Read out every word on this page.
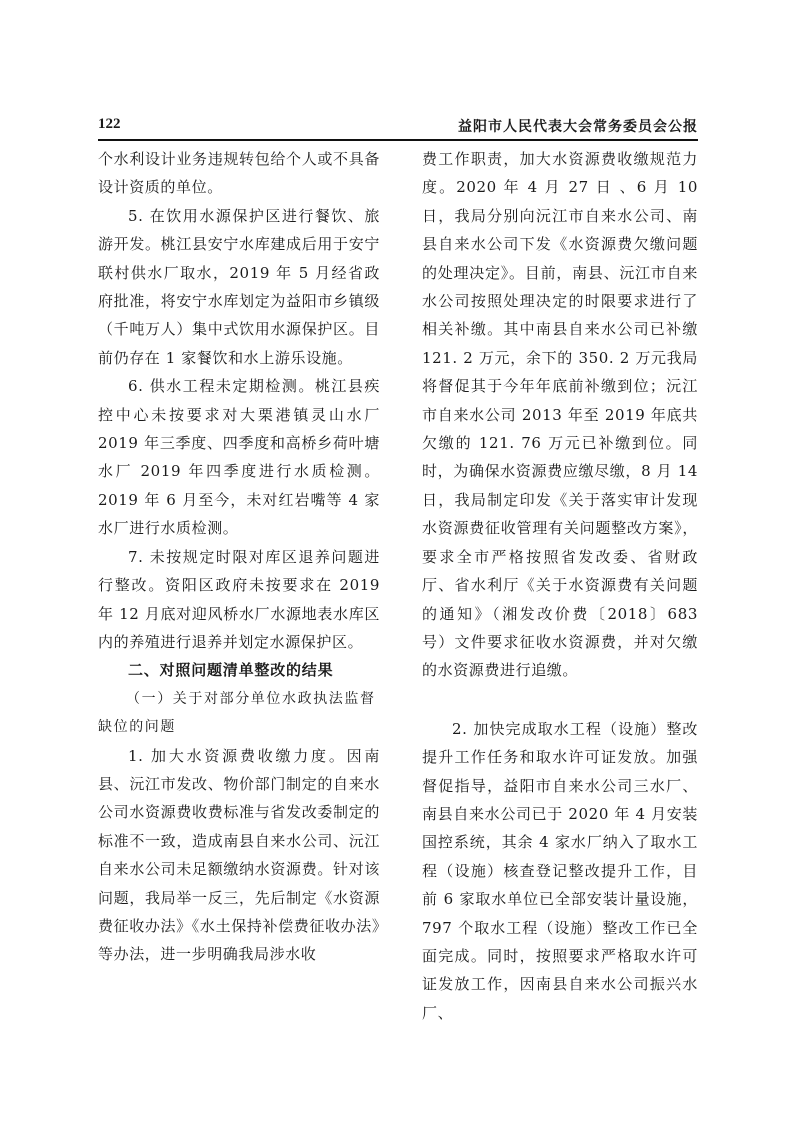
122	益阳市人民代表大会常务委员会公报

个水利设计业务违规转包给个人或不具备设计资质的单位。

5. 在饮用水源保护区进行餐饮、旅游开发。桃江县安宁水库建成后用于安宁联村供水厂取水，2019 年 5 月经省政府批准，将安宁水库划定为益阳市乡镇级（千吨万人）集中式饮用水源保护区。目前仍存在 1 家餐饮和水上游乐设施。

6. 供水工程未定期检测。桃江县疾控中心未按要求对大栗港镇灵山水厂 2019 年三季度、四季度和高桥乡荷叶塘水厂 2019 年四季度进行水质检测。2019 年 6 月至今，未对红岩嘴等 4 家水厂进行水质检测。

7. 未按规定时限对库区退养问题进行整改。资阳区政府未按要求在 2019 年 12 月底对迎风桥水厂水源地表水库区内的养殖进行退养并划定水源保护区。

二、对照问题清单整改的结果
（一）关于对部分单位水政执法监督缺位的问题

1. 加大水资源费收缴力度。因南县、沅江市发改、物价部门制定的自来水公司水资源费收费标准与省发改委制定的标准不一致，造成南县自来水公司、沅江自来水公司未足额缴纳水资源费。针对该问题，我局举一反三，先后制定《水资源费征收办法》《水土保持补偿费征收办法》等办法，进一步明确我局涉水收

费工作职责，加大水资源费收缴规范力度。2020 年 4 月 27 日 、6 月 10 日，我局分别向沅江市自来水公司、南县自来水公司下发《水资源费欠缴问题的处理决定》。目前，南县、沅江市自来水公司按照处理决定的时限要求进行了相关补缴。其中南县自来水公司已补缴 121. 2 万元，余下的 350. 2 万元我局将督促其于今年年底前补缴到位；沅江市自来水公司 2013 年至 2019 年底共欠缴的 121. 76 万元已补缴到位。同时，为确保水资源费应缴尽缴，8 月 14 日，我局制定印发《关于落实审计发现水资源费征收管理有关问题整改方案》，要求全市严格按照省发改委、省财政厅、省水利厅《关于水资源费有关问题的通知》（湘发改价费〔2018〕683 号）文件要求征收水资源费，并对欠缴的水资源费进行追缴。

2. 加快完成取水工程（设施）整改提升工作任务和取水许可证发放。加强督促指导，益阳市自来水公司三水厂、南县自来水公司已于 2020 年 4 月安装国控系统，其余 4 家水厂纳入了取水工程（设施）核查登记整改提升工作，目前 6 家取水单位已全部安装计量设施，797 个取水工程（设施）整改工作已全面完成。同时，按照要求严格取水许可证发放工作，因南县自来水公司振兴水厂、
